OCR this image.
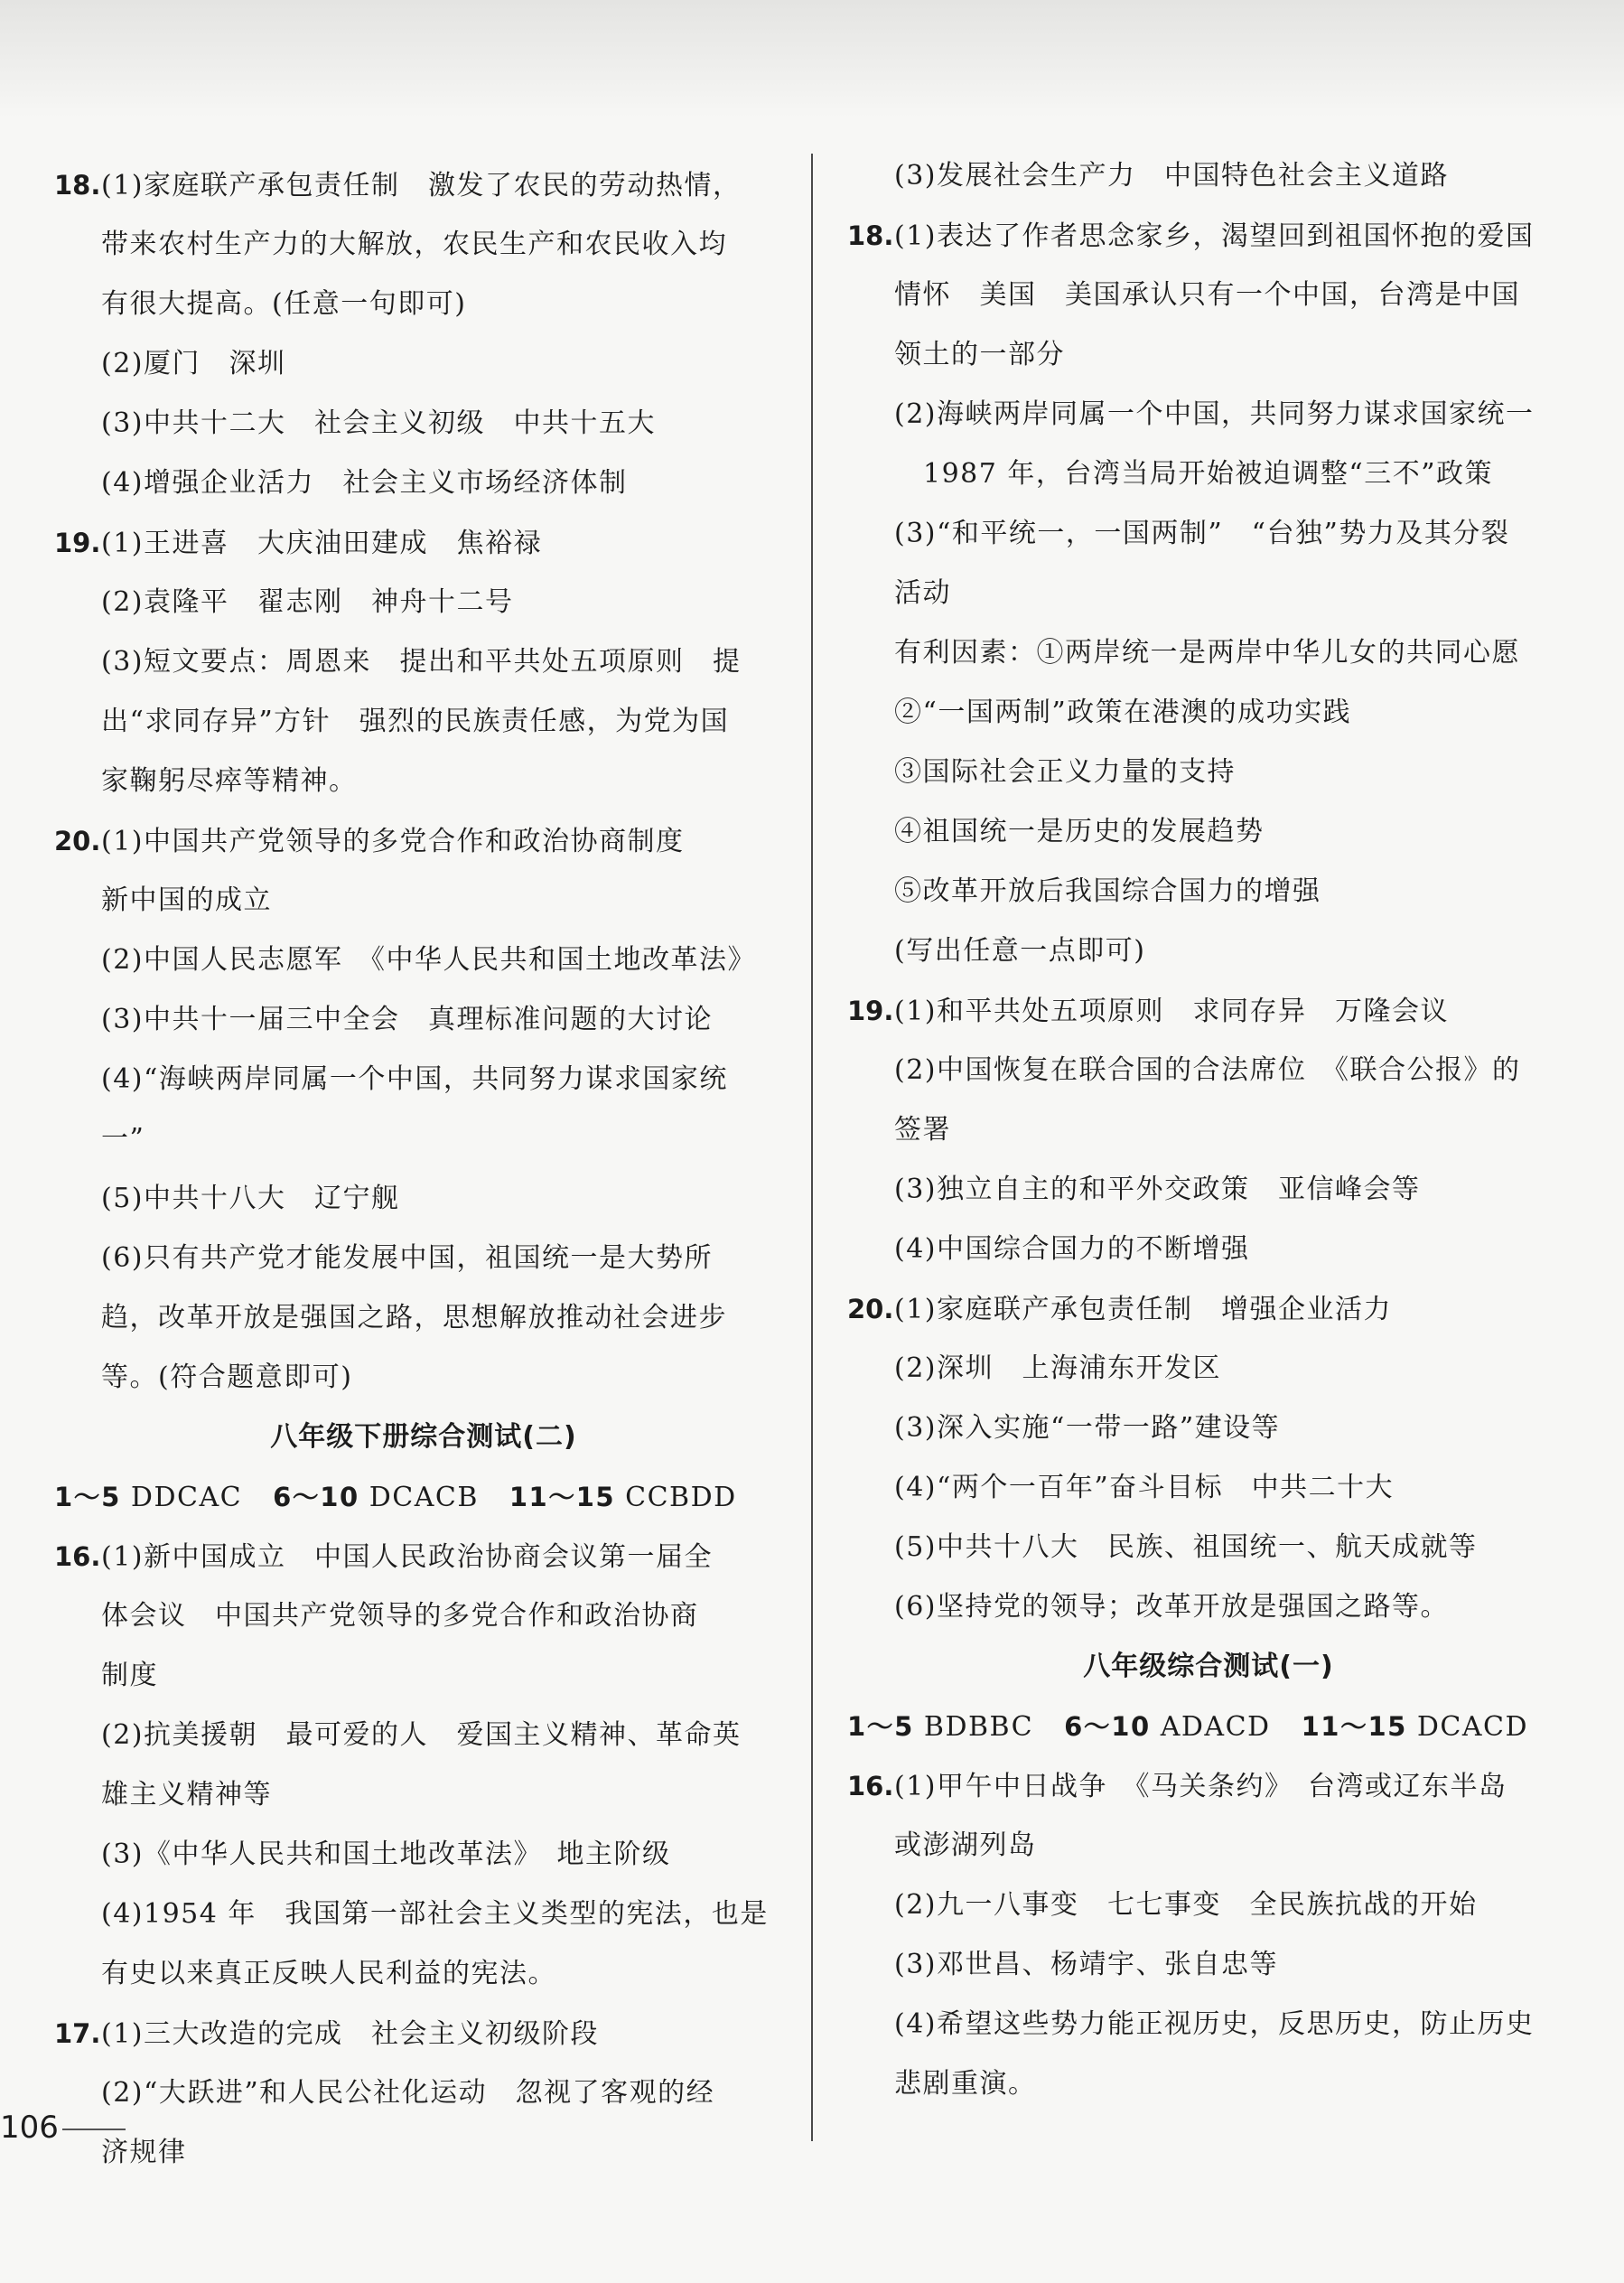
18.(1)家庭联产承包责任制　激发了农民的劳动热情，
带来农村生产力的大解放，农民生产和农民收入均
有很大提高。(任意一句即可)
(2)厦门　深圳
(3)中共十二大　社会主义初级　中共十五大
(4)增强企业活力　社会主义市场经济体制
19.(1)王进喜　大庆油田建成　焦裕禄
(2)袁隆平　翟志刚　神舟十二号
(3)短文要点：周恩来　提出和平共处五项原则　提
出“求同存异”方针　强烈的民族责任感，为党为国
家鞠躬尽瘁等精神。
20.(1)中国共产党领导的多党合作和政治协商制度
新中国的成立
(2)中国人民志愿军　《中华人民共和国土地改革法》
(3)中共十一届三中全会　真理标准问题的大讨论
(4)“海峡两岸同属一个中国，共同努力谋求国家统
一”
(5)中共十八大　辽宁舰
(6)只有共产党才能发展中国，祖国统一是大势所
趋，改革开放是强国之路，思想解放推动社会进步
等。(符合题意即可)
八年级下册综合测试(二)
1～5 DDCAC 6～10 DCACB 11～15 CCBDD
16.(1)新中国成立　中国人民政治协商会议第一届全
体会议　中国共产党领导的多党合作和政治协商
制度
(2)抗美援朝　最可爱的人　爱国主义精神、革命英
雄主义精神等
(3)《中华人民共和国土地改革法》　地主阶级
(4)1954 年　我国第一部社会主义类型的宪法，也是
有史以来真正反映人民利益的宪法。
17.(1)三大改造的完成　社会主义初级阶段
(2)“大跃进”和人民公社化运动　忽视了客观的经
济规律
106
(3)发展社会生产力　中国特色社会主义道路
18.(1)表达了作者思念家乡，渴望回到祖国怀抱的爱国
情怀　美国　美国承认只有一个中国，台湾是中国
领土的一部分
(2)海峡两岸同属一个中国，共同努力谋求国家统一
1987 年，台湾当局开始被迫调整“三不”政策
(3)“和平统一，一国两制”　“台独”势力及其分裂
活动
有利因素：①两岸统一是两岸中华儿女的共同心愿
②“一国两制”政策在港澳的成功实践
③国际社会正义力量的支持
④祖国统一是历史的发展趋势
⑤改革开放后我国综合国力的增强
(写出任意一点即可)
19.(1)和平共处五项原则　求同存异　万隆会议
(2)中国恢复在联合国的合法席位　《联合公报》的
签署
(3)独立自主的和平外交政策　亚信峰会等
(4)中国综合国力的不断增强
20.(1)家庭联产承包责任制　增强企业活力
(2)深圳　上海浦东开发区
(3)深入实施“一带一路”建设等
(4)“两个一百年”奋斗目标　中共二十大
(5)中共十八大　民族、祖国统一、航天成就等
(6)坚持党的领导；改革开放是强国之路等。
八年级综合测试(一)
1～5 BDBBC 6～10 ADACD 11～15 DCACD
16.(1)甲午中日战争　《马关条约》　台湾或辽东半岛
或澎湖列岛
(2)九一八事变　七七事变　全民族抗战的开始
(3)邓世昌、杨靖宇、张自忠等
(4)希望这些势力能正视历史，反思历史，防止历史
悲剧重演。
